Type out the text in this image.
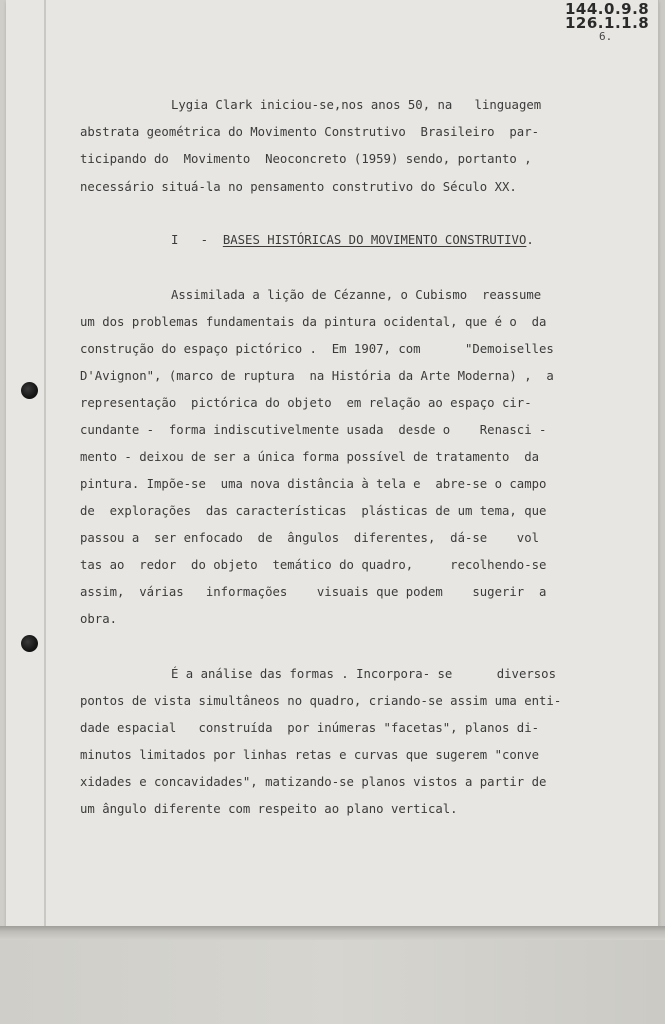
144.0.9.8
126.1.1.8
6.
Lygia Clark iniciou-se,nos anos 50, na   linguagem
abstrata geométrica do Movimento Construtivo  Brasileiro  par-
ticipando do  Movimento  Neoconcreto (1959) sendo, portanto ,
necessário situá-la no pensamento construtivo do Século XX.
I   -  BASES HISTÓRICAS DO MOVIMENTO CONSTRUTIVO.
Assimilada a lição de Cézanne, o Cubismo  reassume
um dos problemas fundamentais da pintura ocidental, que é o  da
construção do espaço pictórico .  Em 1907, com      "Demoiselles
D'Avignon", (marco de ruptura  na História da Arte Moderna) ,  a
representação  pictórica do objeto  em relação ao espaço cir-
cundante -  forma indiscutivelmente usada  desde o    Renasci -
mento - deixou de ser a única forma possível de tratamento  da
pintura. Impõe-se  uma nova distância à tela e  abre-se o campo
de  explorações  das características  plásticas de um tema, que
passou a  ser enfocado  de  ângulos  diferentes,  dá-se    vol
tas ao  redor  do objeto  temático do quadro,     recolhendo-se
assim,  várias   informações    visuais que podem    sugerir  a
obra.
É a análise das formas . Incorpora- se      diversos
pontos de vista simultâneos no quadro, criando-se assim uma enti-
dade espacial   construída  por inúmeras "facetas", planos di-
minutos limitados por linhas retas e curvas que sugerem "conve
xidades e concavidades", matizando-se planos vistos a partir de
um ângulo diferente com respeito ao plano vertical.
